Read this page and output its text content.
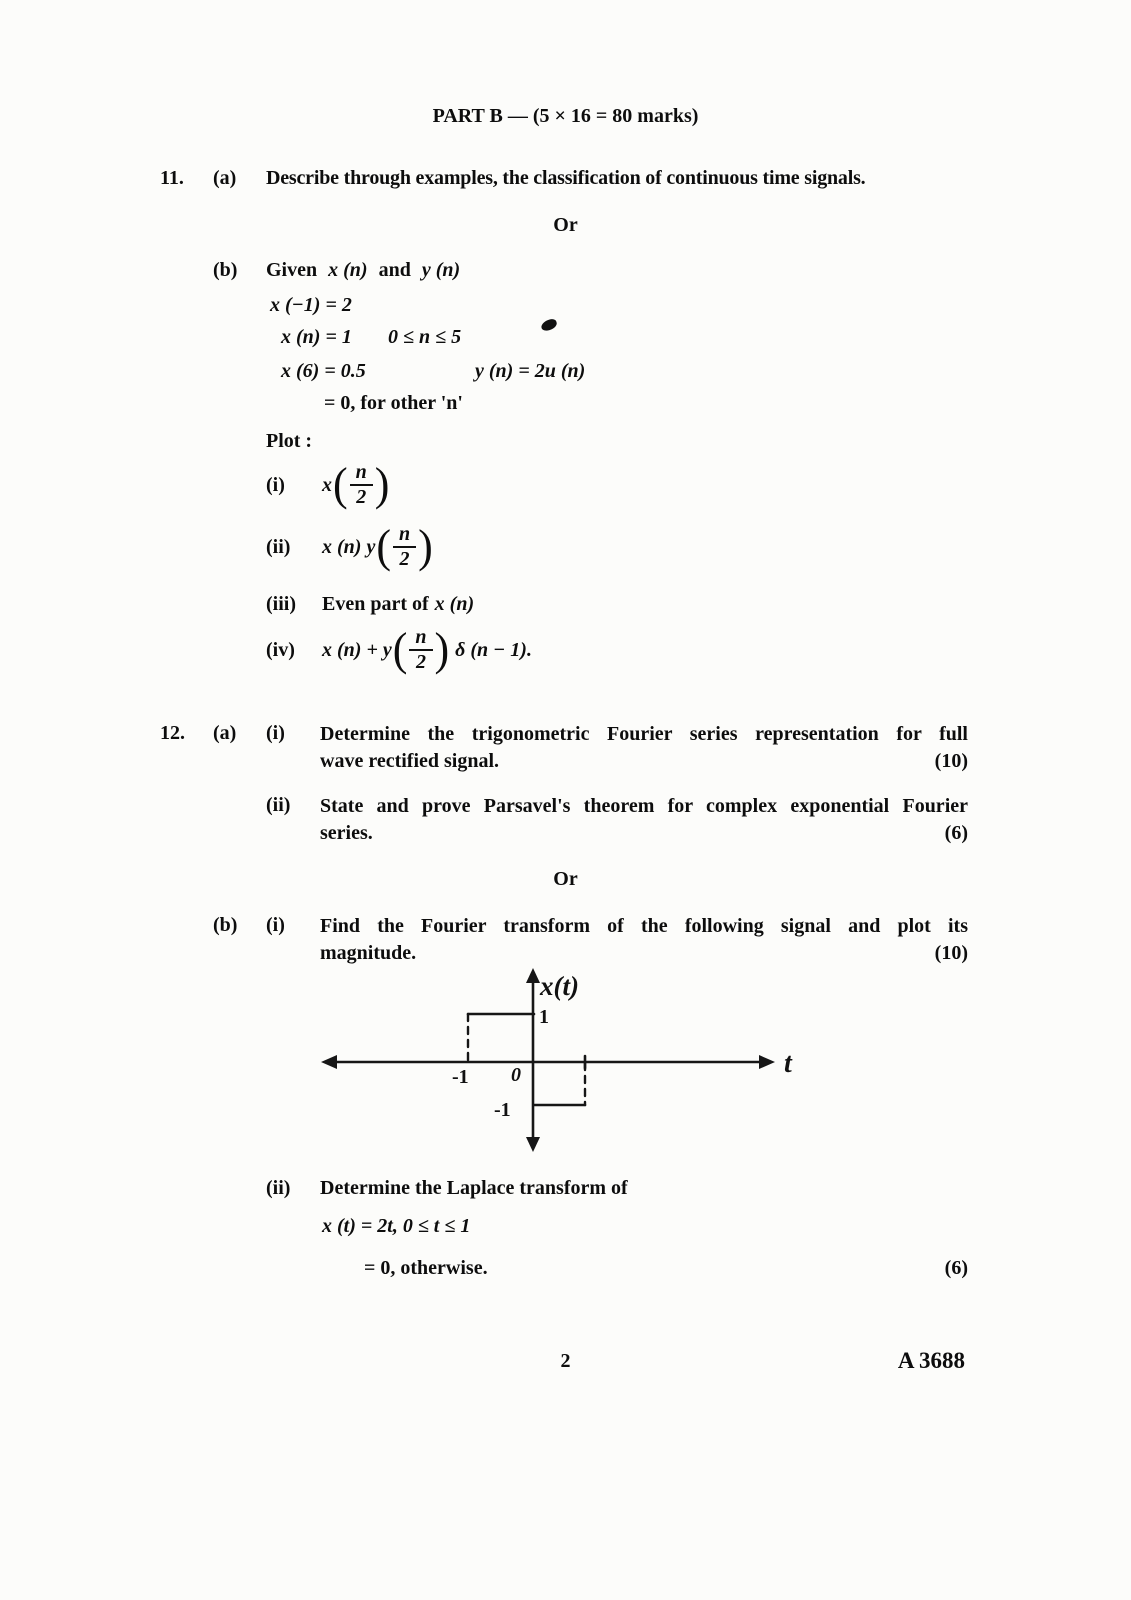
PART B — (5 × 16 = 80 marks)
11. (a) Describe through examples, the classification of continuous time signals.
Or
(b) Given x (n) and y (n)
x (−1) = 2
x (n) = 1 0 ≤ n ≤ 5
x (6) = 0.5	y (n) = 2u (n)
= 0, for other 'n'
Plot :
(i)	x ( $\frac{n}{2}$ )
(ii)	x (n) y ( $\frac{n}{2}$ )
(iii)	Even part of x (n)
(iv)	x (n) + y ( $\frac{n}{2}$ ) δ (n − 1).
12. (a) (i) Determine the trigonometric Fourier series representation for full
wave rectified signal.	(10)
(ii) State and prove Parsavel's theorem for complex exponential Fourier
series.	(6)
Or
(b) (i) Find the Fourier transform of the following signal and plot its
magnitude.	(10)
1
0
-1
-1
x(t)
t
(ii) Determine the Laplace transform of
x (t) = 2t, 0 ≤ t ≤ 1
= 0, otherwise.	(6)
2	A 3688
